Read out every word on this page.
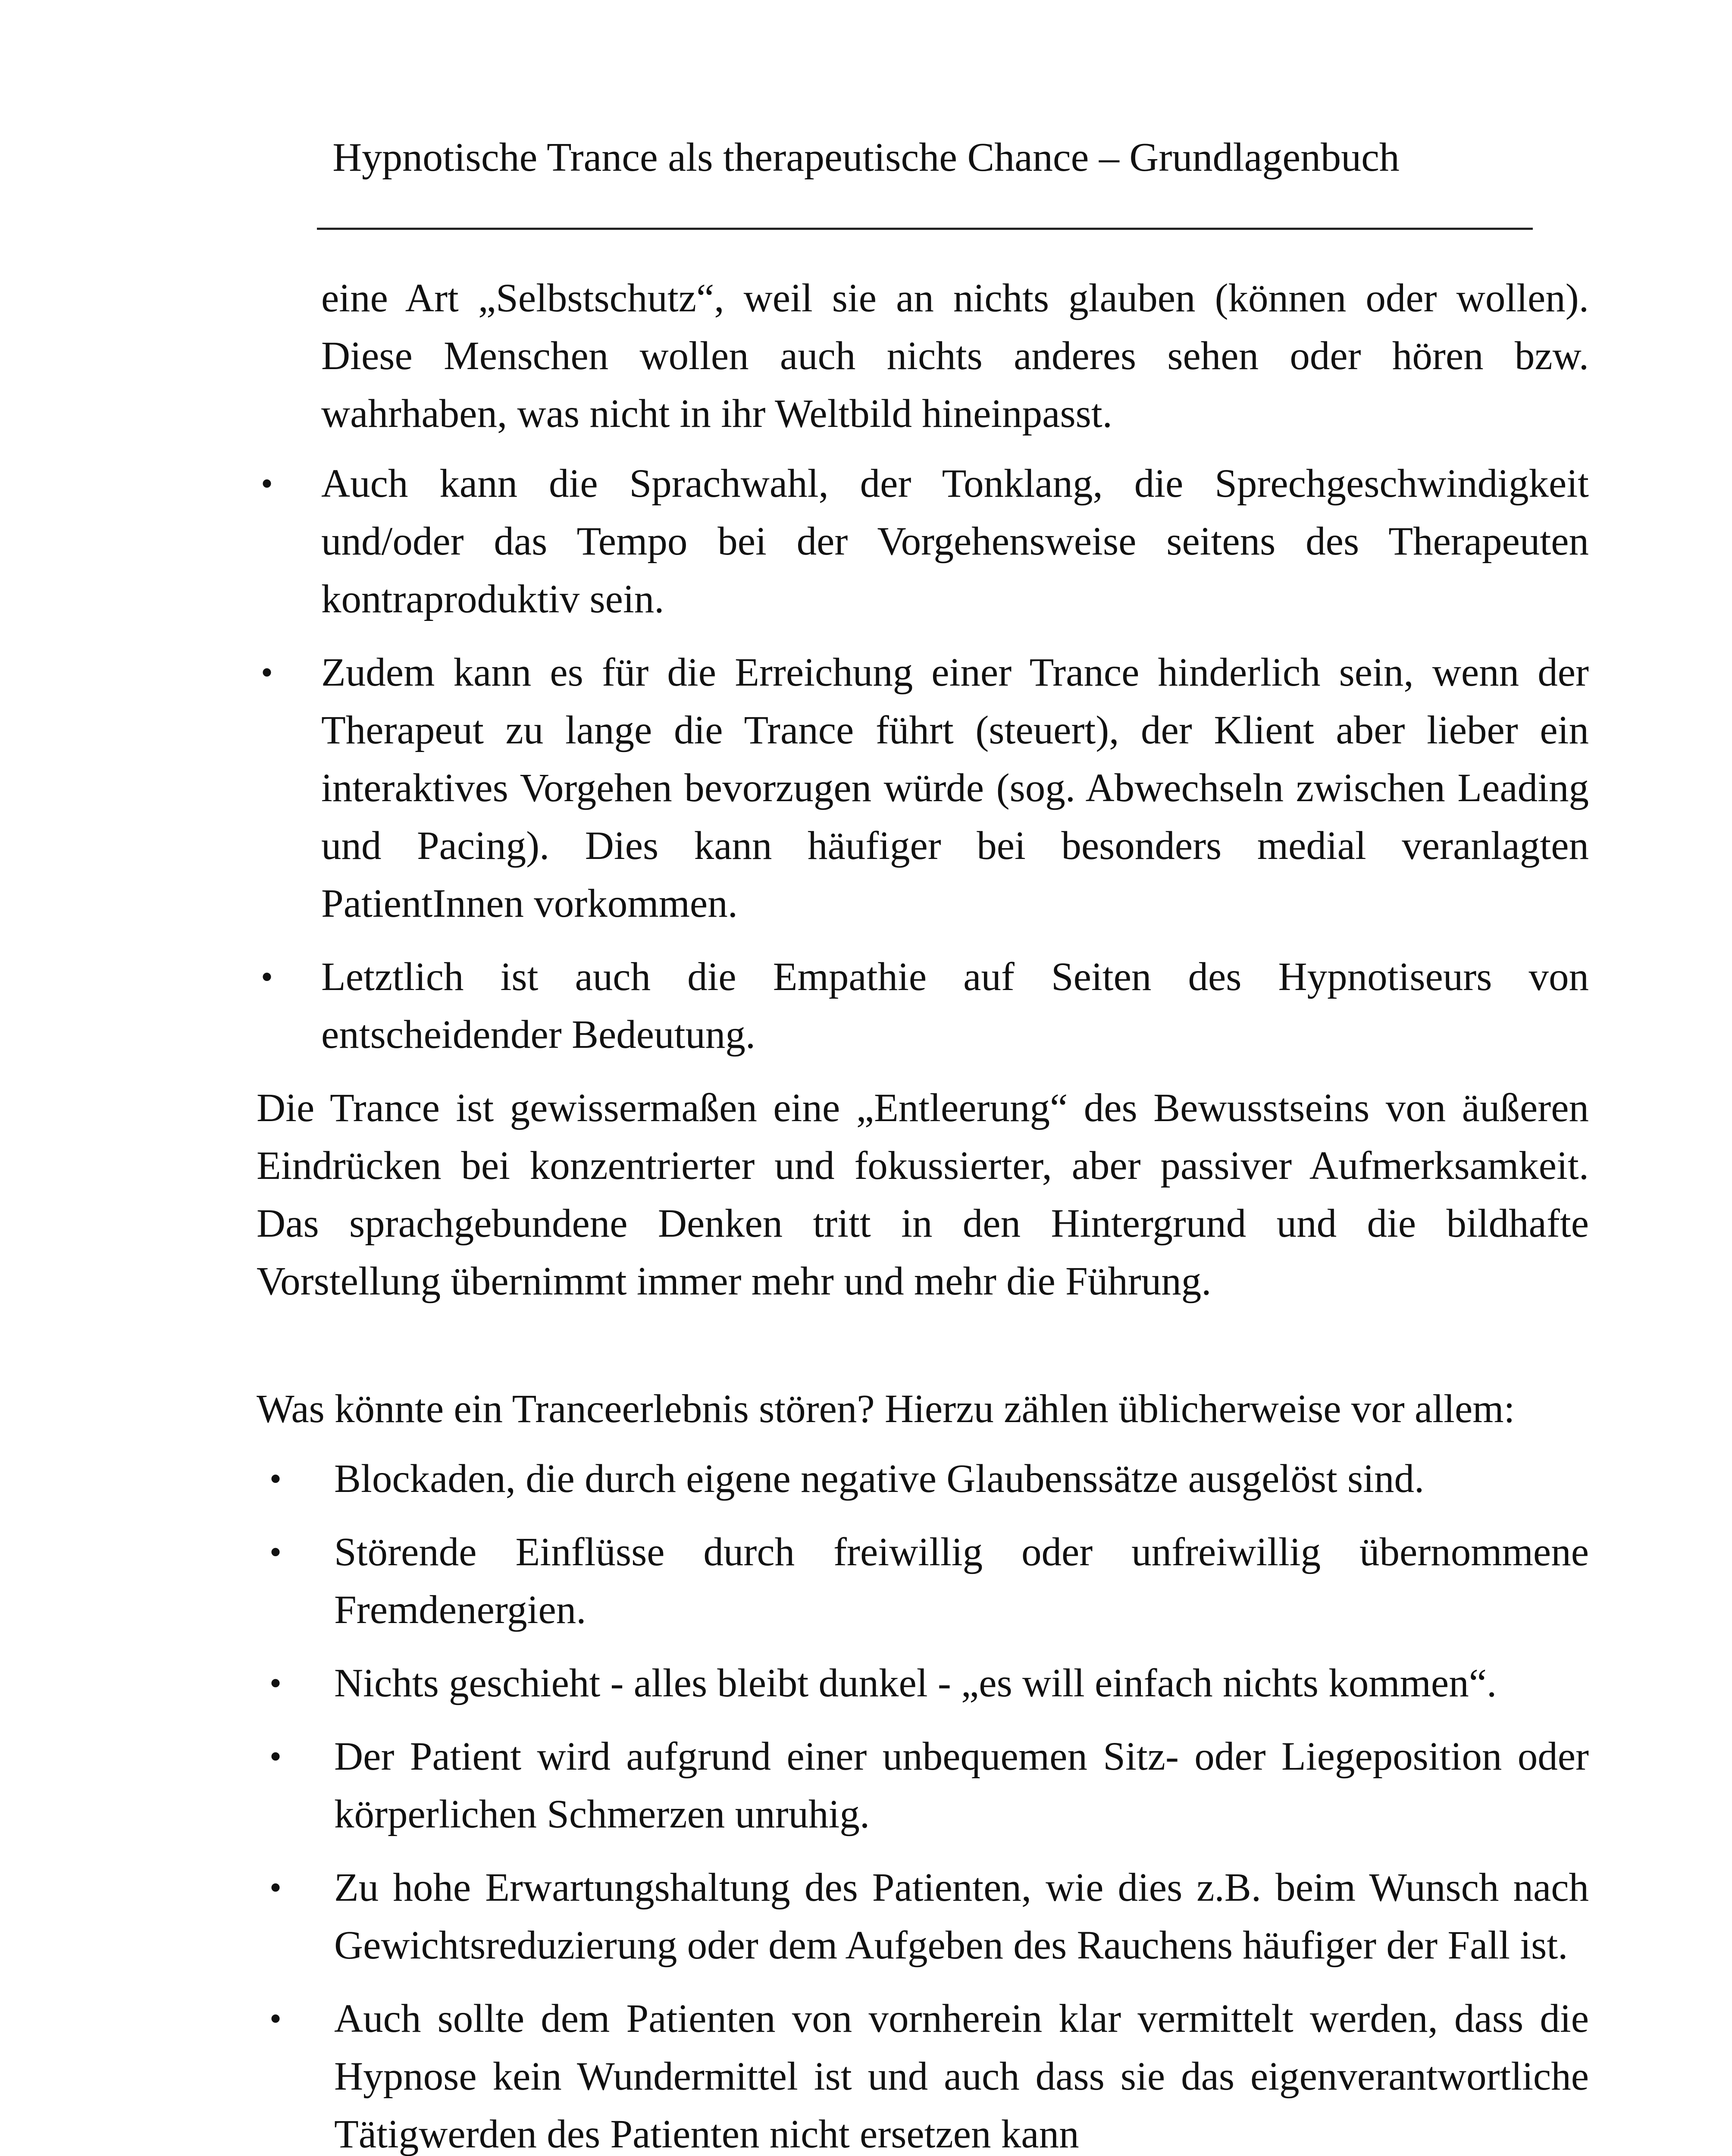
Hypnotische Trance als therapeutische Chance – Grundlagenbuch

eine Art „Selbstschutz“, weil sie an nichts glauben (können oder wollen). Diese Menschen wollen auch nichts anderes sehen oder hören bzw. wahrhaben, was nicht in ihr Weltbild hineinpasst.

• Auch kann die Sprachwahl, der Tonklang, die Sprechgeschwindigkeit und/oder das Tempo bei der Vorgehensweise seitens des Therapeuten kontraproduktiv sein.
• Zudem kann es für die Erreichung einer Trance hinderlich sein, wenn der Therapeut zu lange die Trance führt (steuert), der Klient aber lieber ein interaktives Vorgehen bevorzugen würde (sog. Abwechseln zwischen Leading und Pacing). Dies kann häufiger bei besonders medial veranlagten PatientInnen vorkommen.
• Letztlich ist auch die Empathie auf Seiten des Hypnotiseurs von entscheidender Bedeutung.

Die Trance ist gewissermaßen eine „Entleerung“ des Bewusstseins von äußeren Eindrücken bei konzentrierter und fokussierter, aber passiver Aufmerksamkeit. Das sprachgebundene Denken tritt in den Hintergrund und die bildhafte Vorstellung übernimmt immer mehr und mehr die Führung.

Was könnte ein Tranceerlebnis stören? Hierzu zählen üblicherweise vor allem:

• Blockaden, die durch eigene negative Glaubenssätze ausgelöst sind.
• Störende Einflüsse durch freiwillig oder unfreiwillig übernommene Fremdenergien.
• Nichts geschieht - alles bleibt dunkel - „es will einfach nichts kommen“.
• Der Patient wird aufgrund einer unbequemen Sitz- oder Liegeposition oder körperlichen Schmerzen unruhig.
• Zu hohe Erwartungshaltung des Patienten, wie dies z.B. beim Wunsch nach Gewichtsreduzierung oder dem Aufgeben des Rauchens häufiger der Fall ist.
• Auch sollte dem Patienten von vornherein klar vermittelt werden, dass die Hypnose kein Wundermittel ist und auch dass sie das eigenverantwortliche Tätigwerden des Patienten nicht ersetzen kann
